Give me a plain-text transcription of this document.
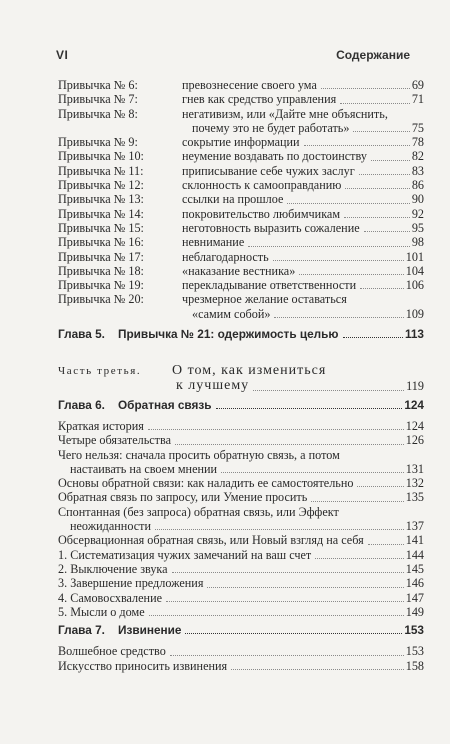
VI	Содержание
Привычка № 6:	превознесение своего ума	69
Привычка № 7:	гнев как средство управления	71
Привычка № 8:	негативизм, или «Дайте мне объяснить,
почему это не будет работать»	75
Привычка № 9:	сокрытие информации	78
Привычка № 10:	неумение воздавать по достоинству	82
Привычка № 11:	приписывание себе чужих заслуг	83
Привычка № 12:	склонность к самооправданию	86
Привычка № 13:	ссылки на прошлое	90
Привычка № 14:	покровительство любимчикам	92
Привычка № 15:	неготовность выразить сожаление	95
Привычка № 16:	невнимание	98
Привычка № 17:	неблагодарность	101
Привычка № 18:	«наказание вестника»	104
Привычка № 19:	перекладывание ответственности	106
Привычка № 20:	чрезмерное желание оставаться
«самим собой»	109
Глава 5. Привычка № 21: одержимость целью	113
Часть третья.	О том, как измениться
к лучшему	119
Глава 6. Обратная связь	124
Краткая история	124
Четыре обязательства	126
Чего нельзя: сначала просить обратную связь, а потом
настаивать на своем мнении	131
Основы обратной связи: как наладить ее самостоятельно	132
Обратная связь по запросу, или Умение просить	135
Спонтанная (без запроса) обратная связь, или Эффект
неожиданности	137
Обсервационная обратная связь, или Новый взгляд на себя	141
1. Систематизация чужих замечаний на ваш счет	144
2. Выключение звука	145
3. Завершение предложения	146
4. Самовосхваление	147
5. Мысли о доме	149
Глава 7. Извинение	153
Волшебное средство	153
Искусство приносить извинения	158
